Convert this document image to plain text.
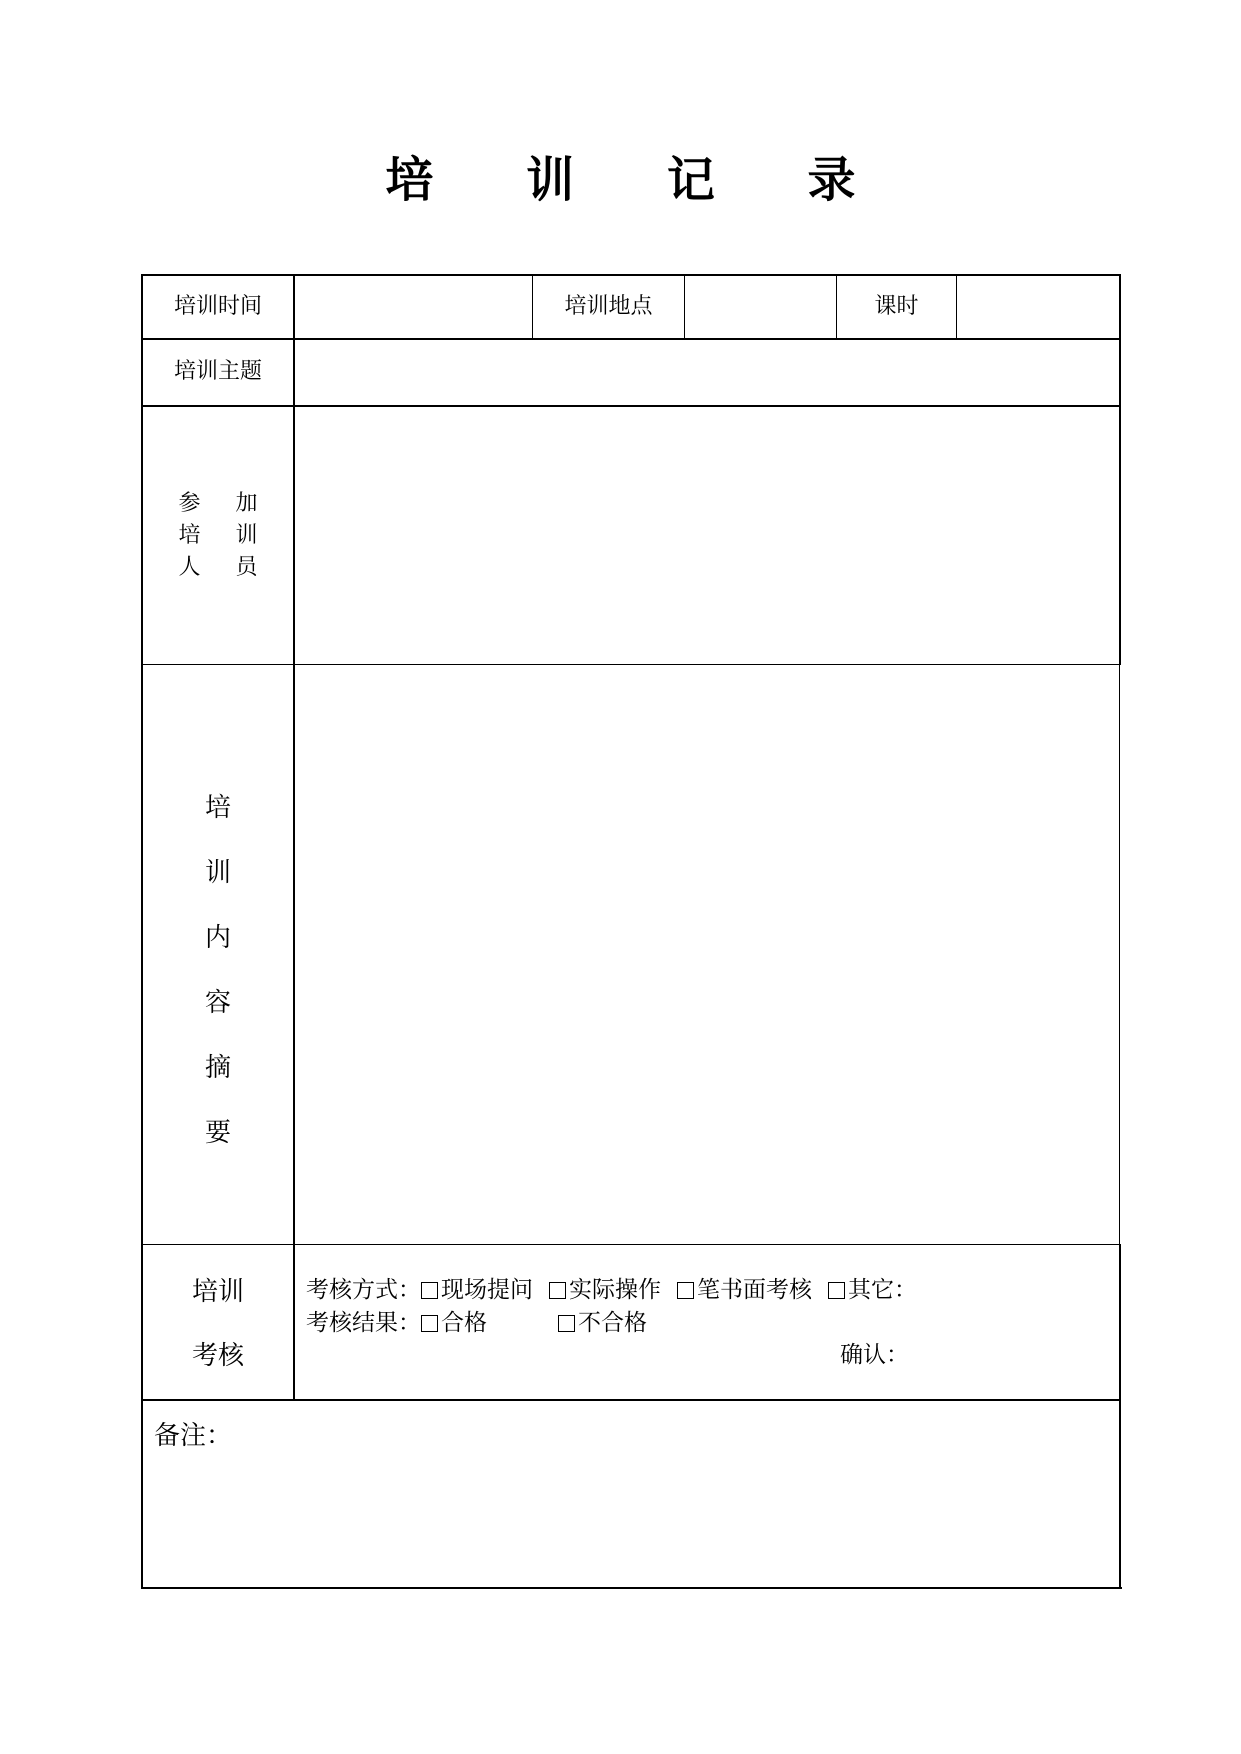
培 训 记 录
培训时间	培训地点	课时
培训主题
参 加
培 训
人 员
培
训
内
容
摘
要
培训
考核
考核方式： 现场提问 实际操作 笔书面考核 其它：
考核结果： 合格	不合格
确认：
备注：
